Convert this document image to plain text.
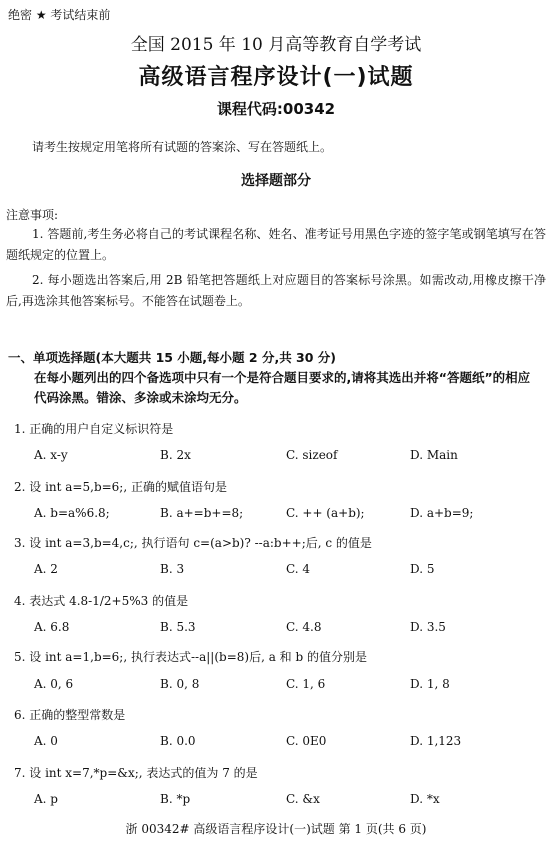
绝密 ★ 考试结束前
全国 2015 年 10 月高等教育自学考试
高级语言程序设计(一)试题
课程代码:00342
请考生按规定用笔将所有试题的答案涂、写在答题纸上。
选择题部分
注意事项:
1. 答题前,考生务必将自己的考试课程名称、姓名、准考证号用黑色字迹的签字笔或钢笔填写在答题纸规定的位置上。
2. 每小题选出答案后,用 2B 铅笔把答题纸上对应题目的答案标号涂黑。如需改动,用橡皮擦干净后,再选涂其他答案标号。不能答在试题卷上。
一、单项选择题(本大题共 15 小题,每小题 2 分,共 30 分)
在每小题列出的四个备选项中只有一个是符合题目要求的,请将其选出并将“答题纸”的相应代码涂黑。错涂、多涂或未涂均无分。
1. 正确的用户自定义标识符是
A. x-y	B. 2x	C. sizeof	D. Main
2. 设 int a=5,b=6;, 正确的赋值语句是
A. b=a%6.8;	B. a+=b+=8;	C. ++ (a+b);	D. a+b=9;
3. 设 int a=3,b=4,c;, 执行语句 c=(a>b)? --a:b++;后, c 的值是
A. 2	B. 3	C. 4	D. 5
4. 表达式 4.8-1/2+5%3 的值是
A. 6.8	B. 5.3	C. 4.8	D. 3.5
5. 设 int a=1,b=6;, 执行表达式--a||(b=8)后, a 和 b 的值分别是
A. 0, 6	B. 0, 8	C. 1, 6	D. 1, 8
6. 正确的整型常数是
A. 0	B. 0.0	C. 0E0	D. 1,123
7. 设 int x=7,*p=&x;, 表达式的值为 7 的是
A. p	B. *p	C. &x	D. *x
浙 00342# 高级语言程序设计(一)试题 第 1 页(共 6 页)
